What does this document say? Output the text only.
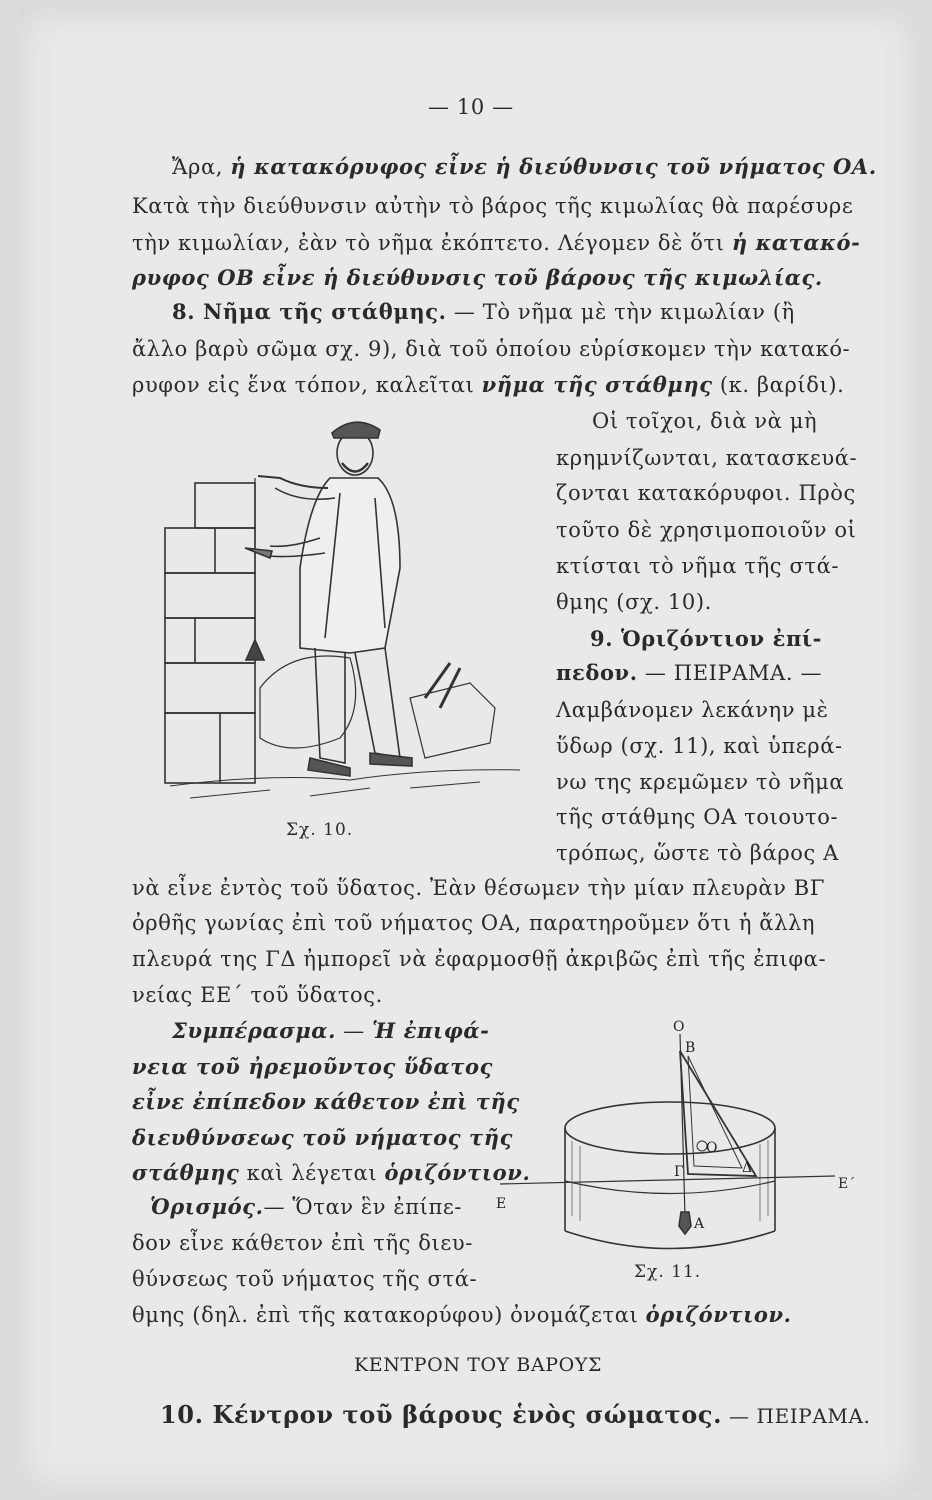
— 10 —
Ἄρα, ἡ κατακόρυφος εἶνε ἡ διεύθυνσις τοῦ νήματος ΟΑ.
Κατὰ τὴν διεύθυνσιν αὐτὴν τὸ βάρος τῆς κιμωλίας θὰ παρέσυρε
τὴν κιμωλίαν, ἐὰν τὸ νῆμα ἐκόπτετο. Λέγομεν δὲ ὅτι ἡ κατακό-
ρυφος ΟΒ εἶνε ἡ διεύθυνσις τοῦ βάρους τῆς κιμωλίας.
8. Νῆμα τῆς στάθμης. — Τὸ νῆμα μὲ τὴν κιμωλίαν (ἢ
ἄλλο βαρὺ σῶμα σχ. 9), διὰ τοῦ ὁποίου εὑρίσκομεν τὴν κατακό-
ρυφον εἰς ἕνα τόπον, καλεῖται νῆμα τῆς στάθμης (κ. βαρίδι).
Οἱ τοῖχοι, διὰ νὰ μὴ
κρημνίζωνται, κατασκευά-
ζονται κατακόρυφοι. Πρὸς
τοῦτο δὲ χρησιμοποιοῦν οἱ
κτίσται τὸ νῆμα τῆς στά-
θμης (σχ. 10).
Σχ. 10.
9. Ὁριζόντιον ἐπί-
πεδον. — ΠΕΙΡΑΜΑ. —
Λαμβάνομεν λεκάνην μὲ
ὕδωρ (σχ. 11), καὶ ὑπερά-
νω της κρεμῶμεν τὸ νῆμα
τῆς στάθμης ΟΑ τοιουτο-
τρόπως, ὥστε τὸ βάρος Α
νὰ εἶνε ἐντὸς τοῦ ὕδατος. Ἐὰν θέσωμεν τὴν μίαν πλευρὰν ΒΓ
ὀρθῆς γωνίας ἐπὶ τοῦ νήματος ΟΑ, παρατηροῦμεν ὅτι ἡ ἄλλη
πλευρά της ΓΔ ἠμπορεῖ νὰ ἐφαρμοσθῇ ἀκριβῶς ἐπὶ τῆς ἐπιφα-
νείας ΕΕ΄ τοῦ ὕδατος.
Συμπέρασμα. — Ἡ ἐπιφά-
νεια τοῦ ἠρεμοῦντος ὕδατος
εἶνε ἐπίπεδον κάθετον ἐπὶ τῆς
διευθύνσεως τοῦ νήματος τῆς
στάθμης καὶ λέγεται ὁριζόντιον.
Ὁρισμός.— Ὅταν ἓν ἐπίπε-
δον εἶνε κάθετον ἐπὶ τῆς διευ-
θύνσεως τοῦ νήματος τῆς στά-
θμης (δηλ. ἐπὶ τῆς κατακορύφου) ὀνομάζεται ὁριζόντιον.
O
B
O
Γ	Δ
A
E
E΄
Σχ. 11.
ΚΕΝΤΡΟΝ ΤΟΥ ΒΑΡΟΥΣ
10. Κέντρον τοῦ βάρους ἑνὸς σώματος. — ΠΕΙΡΑΜΑ.
